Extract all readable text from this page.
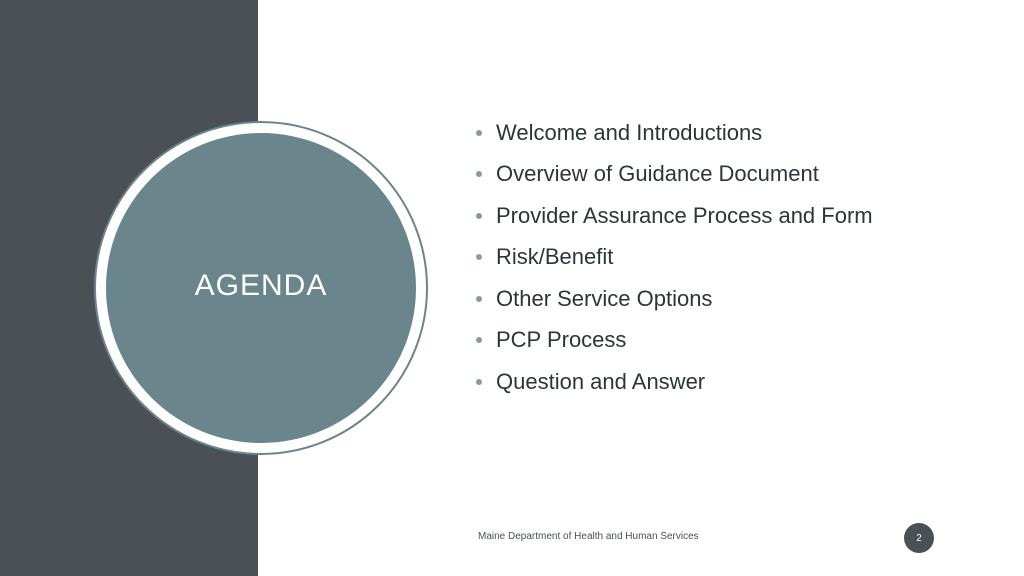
AGENDA
Welcome and Introductions
Overview of Guidance Document
Provider Assurance Process and Form
Risk/Benefit
Other Service Options
PCP Process
Question and Answer
Maine Department of Health and Human Services	2
